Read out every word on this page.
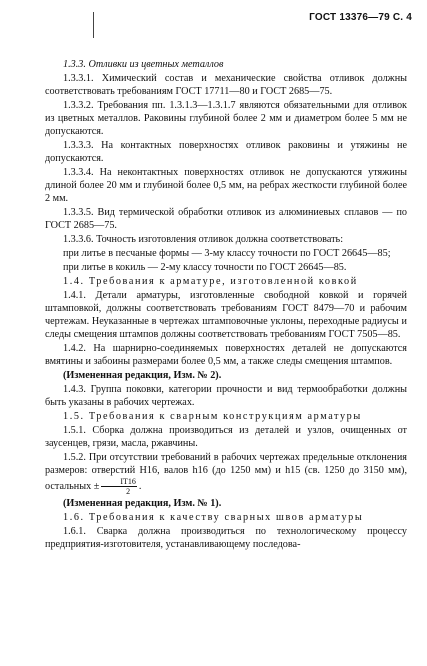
ГОСТ 13376—79 С. 4

1.3.3. Отливки из цветных металлов

1.3.3.1. Химический состав и механические свойства отливок должны соответствовать требованиям ГОСТ 17711—80 и ГОСТ 2685—75.

1.3.3.2. Требования пп. 1.3.1.3—1.3.1.7 являются обязательными для отливок из цветных металлов. Раковины глубиной более 2 мм и диаметром более 5 мм не допускаются.

1.3.3.3. На контактных поверхностях отливок раковины и утяжины не допускаются.

1.3.3.4. На неконтактных поверхностях отливок не допускаются утяжины длиной более 20 мм и глубиной более 0,5 мм, на ребрах жесткости глубиной более 2 мм.

1.3.3.5. Вид термической обработки отливок из алюминиевых сплавов — по ГОСТ 2685—75.

1.3.3.6. Точность изготовления отливок должна соответствовать:

при литье в песчаные формы — 3-му классу точности по ГОСТ 26645—85;

при литье в кокиль — 2-му классу точности по ГОСТ 26645—85.

1.4. Требования к арматуре, изготовленной ковкой

1.4.1. Детали арматуры, изготовленные свободной ковкой и горячей штамповкой, должны соответствовать требованиям ГОСТ 8479—70 и рабочим чертежам. Неуказанные в чертежах штамповочные уклоны, переходные радиусы и следы смещения штампов должны соответствовать требованиям ГОСТ 7505—85.

1.4.2. На шарнирно-соединяемых поверхностях деталей не допускаются вмятины и забоины размерами более 0,5 мм, а также следы смещения штампов.

(Измененная редакция, Изм. № 2).

1.4.3. Группа поковки, категории прочности и вид термообработки должны быть указаны в рабочих чертежах.

1.5. Требования к сварным конструкциям арматуры

1.5.1. Сборка должна производиться из деталей и узлов, очищенных от заусенцев, грязи, масла, ржавчины.

1.5.2. При отсутствии требований в рабочих чертежах предельные отклонения размеров: отверстий H16, валов h16 (до 1250 мм) и h15 (св. 1250 до 3150 мм), остальных ± $\frac{IT16}{2}$ .

(Измененная редакция, Изм. № 1).

1.6. Требования к качеству сварных швов арматуры

1.6.1. Сварка должна производиться по технологическому процессу предприятия-изготовителя, устанавливающему последова-
